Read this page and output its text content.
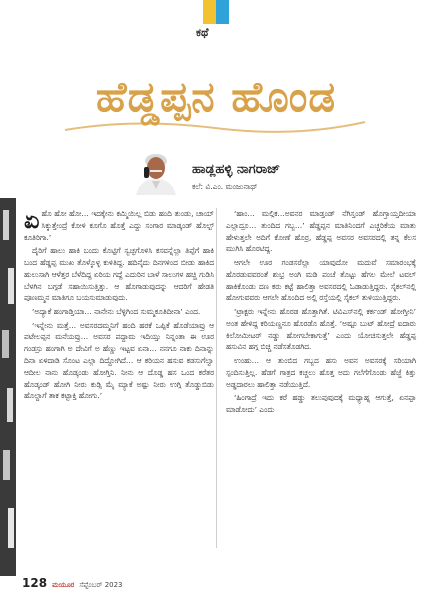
ಕಥೆ
ಹೆಡ್ಡಪ್ಪನ ಹೊಂಡ
ಹಾಡ್ಲಹಳ್ಳಿ ನಾಗರಾಜ್
ಕಲೆ: ವಿ.ಎಂ. ಮಂಜುನಾಥ್

ಏ ಹೊ ಹೋ ಹೋ… ಇದಕ್ಕೇನು ಕಮ್ಮಿಯಿಲ್ಲ ಬಿಡು ಹಂದಿ ತುಂಡು, ಚಾಯ್ ಸಿಕ್ಕುತ್ತೇಂದ್ರೆ ಕೋಳಿ ಕೂಗೊ ಹೊತ್ತೆ ಎದ್ದು ಸಂಗಾರ ಮಾಡ್ಕಂಡ್ ಹೊಲ್ಟ್ ಕೂತಿರಿಗಾ.’

ದೈರಿಗೆ ಹಾಲು ಹಾಕಿ ಬಂದು ಕೊಟ್ಟಿಗೆ ಸ್ವಚ್ಛಗೊಳಿಸಿ ಕಸವನ್ನೆಲ್ಲಾ ತಿಪ್ಪೆಗೆ ಹಾಕಿ ಬಂದ ಹೆಡ್ಡಪ್ಪ ಮುಖ ತೊಳ್ಕೊಳ್ಳ ಕುಳಿತಿದ್ದ. ಹದಿನೈದು ದಿನಗಳಿಂದ ಬೀಡು ಹಾಕಿದ ಹುಲುಸಾಗಿ ಆಳೆತ್ತರ ಬೆಳೆದಿದ್ದ ಏರಿಯ ಗದ್ದೆ ಎದುರಿನ ಬಾಳೆ ಸಾಲುಗಳ ಹಚ್ಚಿ ಗುಡಿಸಿ ಬೆಳಗಿನ ಬಗ್ಗಡೆ ಸಹಾಯಿಸುತ್ತಿತ್ತು. ಆ ಹೊಗಾಡುವುದನ್ನು ಆದರಿಗೆ ಹೇಡತಿ ಪೂಣಮ್ಮನ ಮಾತಿಗೂ ಬಯಸುಮಾಡುವುದು.

‘ಅದ್ಯಾಕೆ ಹಂಗಾಡ್ತಿಯಾ… ನಾನೇನು ಬೆಳ್ಳಿಗಿಂದ ಸುಮ್ಮಕೂತಿದೀನಾ’ ಎಂದ.

‘ಇನ್ನೇನು ಮತ್ತೆ… ಅವಸರದಮ್ಮನಿಗೆ ಹಂದಿ ಹರಕೆ ಒಪ್ಪಿಕೆ ಹೊಡೆಯಾವ್ರು ಆ ಪಟೇಲಪ್ಪನ ಮನೆಯವ್ರು… ಅವಸರ ಪದ್ದಾಮ ಇದಿಯ್ತು ನಿನ್ನಂತಾ ಈ ಊರ ಗಂಡಸ್ರು ಹಂಗಾಗಿ ಅ ದೇವಿಗೆ ಅ ಹೆಣ್ಣು ಇಟ್ಟವ ಏನಾ… ನನಗೂ ನಾಕು ದಿನಾನ್ನು ದಿನಾ ಏಳಿದಾಡಿ ಸೊಂಟ ಎಲ್ಲಾ ದಿದ್ದೋಗಿದೆ… ಆ ಕರಿಯನ ಹಸುವ ಕಡಸುಗೆಲ್ವಾ ಆದೀಲ ನಾನು ಹೊಡ್ಕಂಡು ಹೋಗ್ತಿನಿ. ನೀನು ಆ ದೊಡ್ಡ ಹಸ ಒಂದ ಕರೆತರ ಹೊಡ್ಕಂಡ್ ಹೋಗಿ ನೀರು ಕುಡ್ಸಿ ಮೈ ಮ್ಯಾಕೆ ಅಷ್ಟು ನೀರು ಉಗ್ಗಿ ತೊಡ್ಡುಬಿಡು ಹೊಲ್ದಾಗೆ ತಾಕ ಕಟ್ಟಾಕ್ತಿ ಹೋಗು.’

‘ಹಾಂ… ಮಲ್ಗಿಕ…ಅವನರ ಮಾಡ್ತಂಡ್ ನೆಗಿಸ್ತಂಡ್ ಹೊಗ್ತಾಯ್ತದೀಯಾ ಎಲ್ಲಾದ್ರೂ… ತುಂದಿದ ಗಬ್ಬ…’ ಹೆಡ್ಡಪ್ಪನ ಮಾತಿನಿಂದಗೆ ಎಚ್ಚರಿಕೆಯ ಮಾತು ಹೇಳುತ್ತಲೇ ಅದಿಗೆ ಕೋಣೆ ಹೊರ್ರ, ಹೆಡ್ಡಪ್ಪ ಅವಸರ ಅವಸರದಲ್ಲಿ ತನ್ನ ಕೆಲಸ ಮುಗಿಸಿ ಹೊರಟಿದ್ದ.

ಆಗಲೇ ಊರ ಗಂಡಸರೆಲ್ಲಾ ಯಾವುದೋ ಮದುವೆ ಸಮಾರಂಭಕ್ಕೆ ಹೊರಡುವವರಂತೆ ಶುಭ್ರ ಅಂಗಿ ಮಡಿ ಪಂಚೆ ತೊಟ್ಟು ಹೆಗಲ ಮೇಲೆ ಟವಲ್ ಹಾಕಿಕೊಂಡು ದಣ ಕರು ಕಟ್ಟೆ ಹಾಲಿತ್ತಾ ಅವಸರದಲ್ಲಿ ಓಡಾಡುತ್ತಿದ್ದರು. ಸೈಕಲ್‌ನಲ್ಲಿ ಹೋಗುವವರು ಆಗಲೇ ಹೊಂದಿದ ಅಲ್ಲಿ ರಸ್ತೆಯಲ್ಲಿ ಸೈಕಲ್ ತುಳಿಯುತ್ತಿದ್ದರು.

‘ಟ್ರಾಕ್ಟರು ಇನ್ನೇನು ಹೊರಡ ಹೊತ್ತಾಗಿತೆ. ಟಿವಿಎಸ್‌ನಲ್ಲಿ ಕರ್ಕಂಡ್ ಹೋಗ್ತೀನಿ’ ಅಂತ ಹೇಳಿದ್ದ ಕರಿಯಣ್ಣನೂ ಹೊರಡೊ ಹೊತ್ತೆ. ‘ಅಷ್ಟೂ ಬುಟ್ ಹೋದ್ರೆ ಐದಾರು ಕಿಲೋಮೀಟರ್ ನಡ್ಡು ಹೋಗಬೇಕಾಗುತ್ತೆ’ ಎಂದು ಯೋಚಿಸುತ್ತಲೇ ಹೆಡ್ಡಪ್ಪ ಹಸುವಿನ ಹಗ್ಗ ಬಿಚ್ಚಿ ನಡೆಸತೊಡಗಿದ.

ಉಂಹು… ಆ ತುಂಬಿದ ಗಬ್ಬದ ಹಸು ಅವನ ಅವಸರಕ್ಕೆ ಸರಿಯಾಗಿ ಸ್ಪಂದಿಸುತ್ತಿಲ್ಲ. ಹೆಡಗೆ ಗಾತ್ರದ ಕಚ್ಚಲು ಹೊತ್ತ ಅದು ಗಲೆಗೆಗೊಂಡು ಹೆಜ್ಜೆ ಕಿತ್ತು ಅಡ್ಡದಾರಲು ಹಾಲಿತ್ತಾ ನಡೆಯುತ್ತಿದೆ.

‘ಹಿಂಗಾದ್ರೆ ಇದು ಕರೆ ಹಡ್ಡು ತಲುಪುವುದಕ್ಕೆ ಮಧ್ಯಾಹ್ನ ಆಗುತ್ತೆ, ಏನಪ್ಪಾ ಮಾಡೋದು’ ಎಂದು

128 ಮಯೂರ ಸೆಪ್ಟೆಂಬರ್ 2023
